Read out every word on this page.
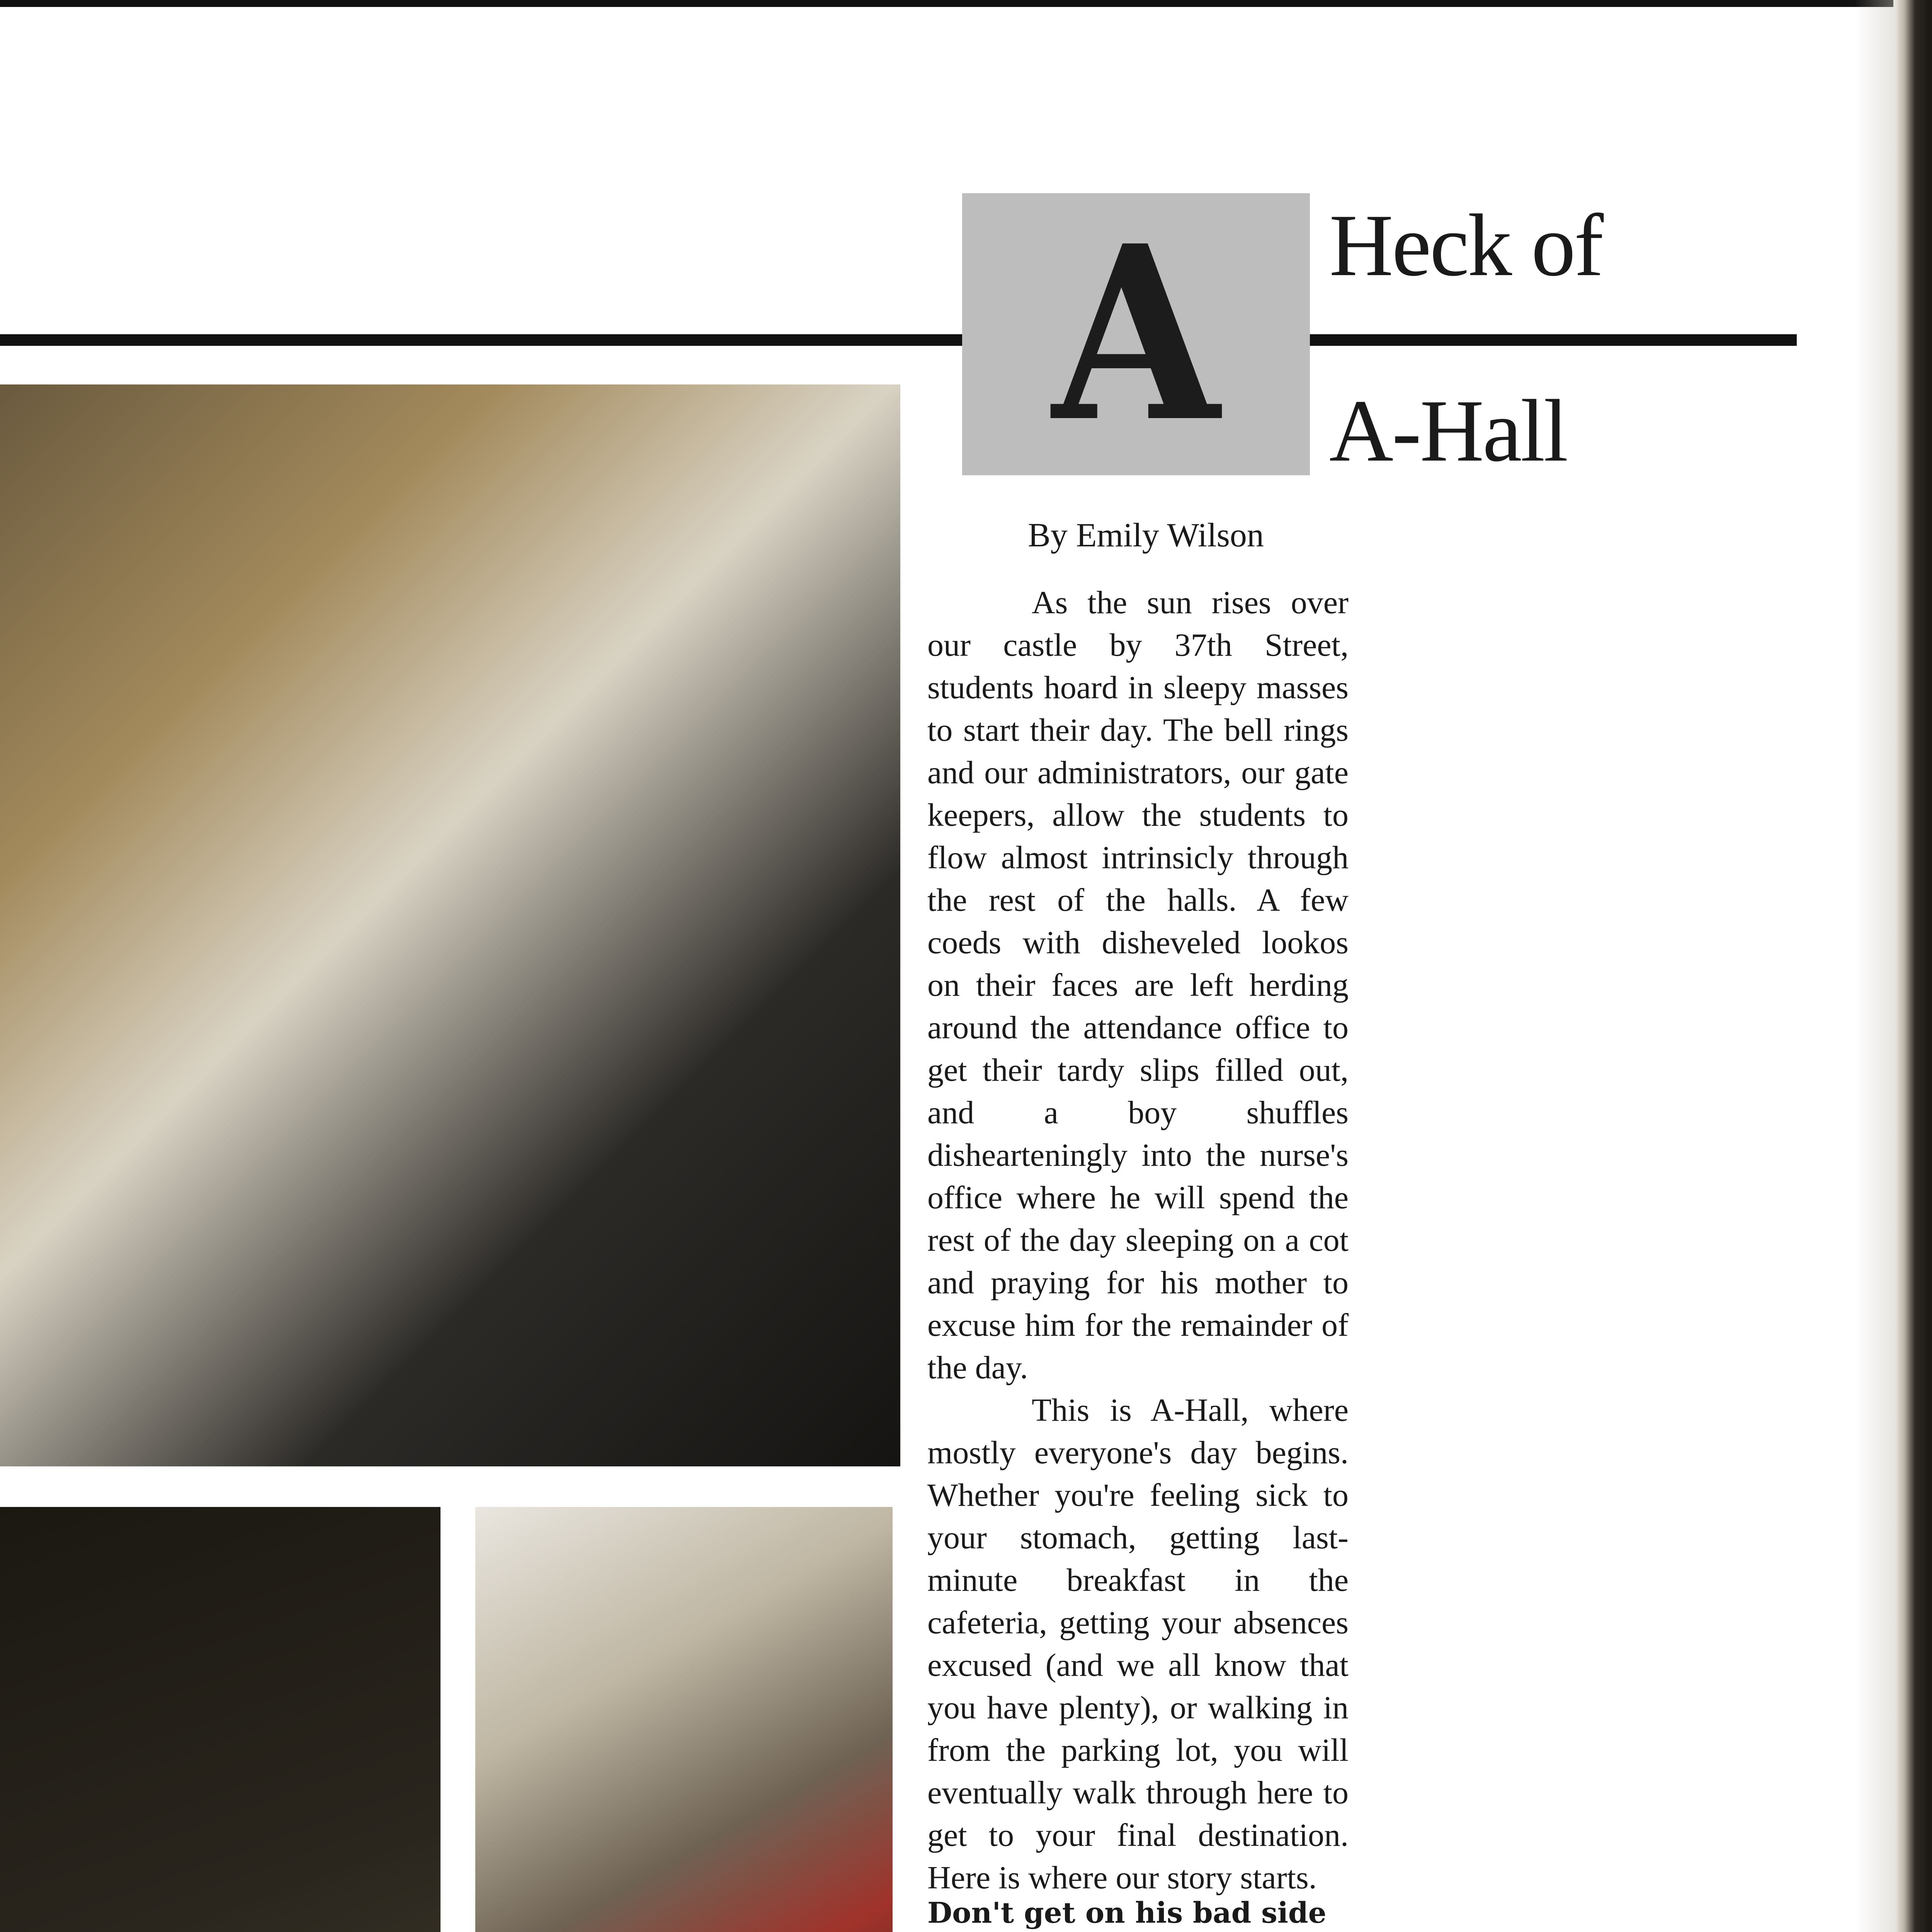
A Heck of
A-Hall
By Emily Wilson

As the sun rises over our castle by 37th Street, students hoard in sleepy masses to start their day. The bell rings and our administrators, our gate keepers, allow the students to flow almost intrinsicly through the rest of the halls. A few coeds with disheveled lookos on their faces are left herding around the attendance office to get their tardy slips filled out, and a boy shuffles dishearteningly into the nurse's office where he will spend the rest of the day sleeping on a cot and praying for his mother to excuse him for the remainder of the day.

This is A-Hall, where mostly everyone's day begins. Whether you're feeling sick to your stomach, getting last-minute breakfast in the cafeteria, getting your absences excused (and we all know that you have plenty), or walking in from the parking lot, you will eventually walk through here to get to your final destination. Here is where our story starts.

Don't get on his bad side
